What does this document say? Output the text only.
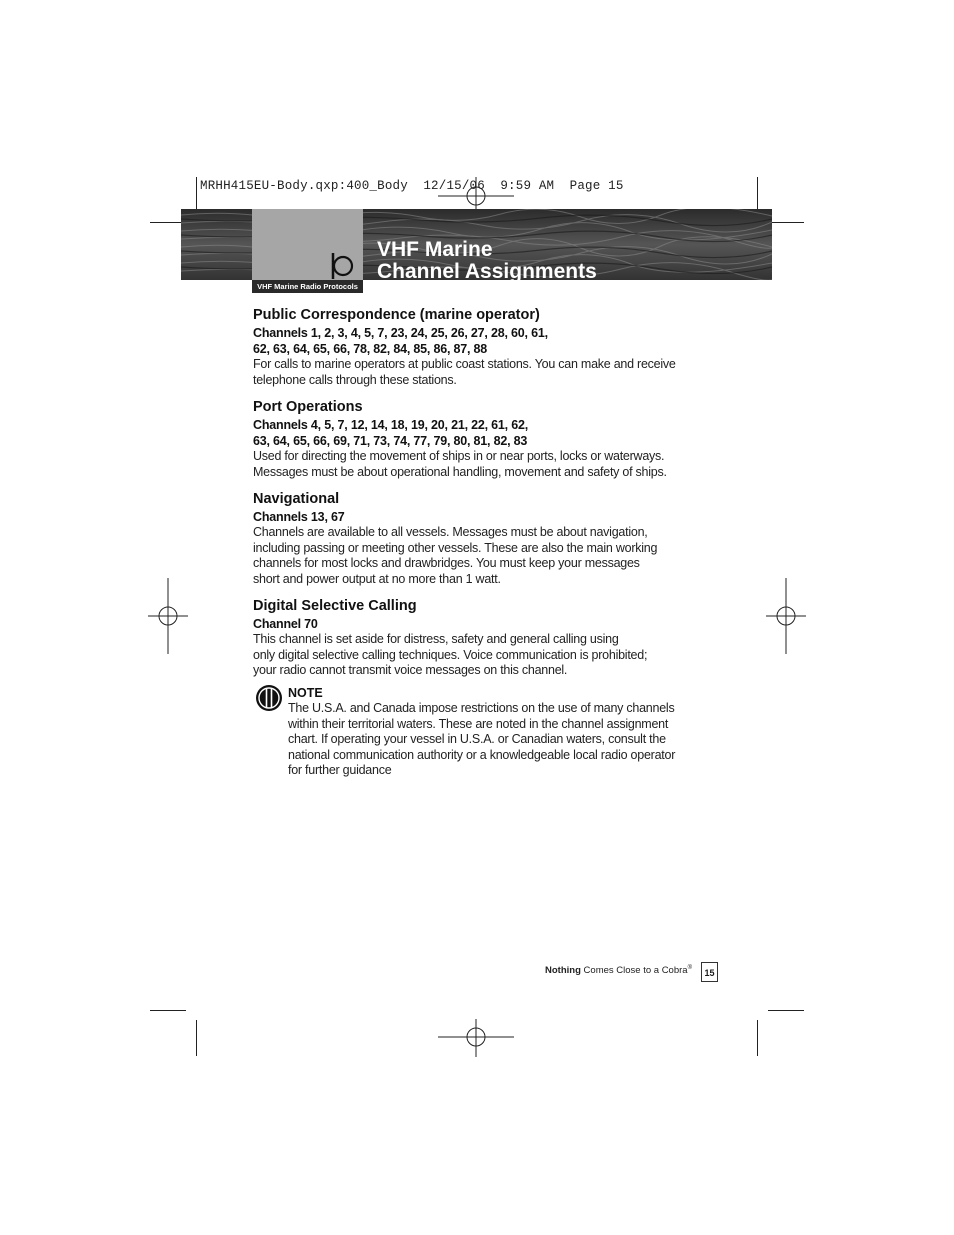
MRHH415EU-Body.qxp:400_Body  12/15/06  9:59 AM  Page 15
VHF Marine Radio Protocols
VHF Marine
Channel Assignments
Public Correspondence (marine operator)
Channels 1, 2, 3, 4, 5, 7, 23, 24, 25, 26, 27, 28, 60, 61,
62, 63, 64, 65, 66, 78, 82, 84, 85, 86, 87, 88
For calls to marine operators at public coast stations. You can make and receive
telephone calls through these stations.
Port Operations
Channels 4, 5, 7, 12, 14, 18, 19, 20, 21, 22, 61, 62,
63, 64, 65, 66, 69, 71, 73, 74, 77, 79, 80, 81, 82, 83
Used for directing the movement of ships in or near ports, locks or waterways.
Messages must be about operational handling, movement and safety of ships.
Navigational
Channels 13, 67
Channels are available to all vessels. Messages must be about navigation,
including passing or meeting other vessels. These are also the main working
channels for most locks and drawbridges. You must keep your messages
short and power output at no more than 1 watt.
Digital Selective Calling
Channel 70
This channel is set aside for distress, safety and general calling using
only digital selective calling techniques. Voice communication is prohibited;
your radio cannot transmit voice messages on this channel.
NOTE
The U.S.A. and Canada impose restrictions on the use of many channels
within their territorial waters. These are noted in the channel assignment
chart. If operating your vessel in U.S.A. or Canadian waters, consult the
national communication authority or a knowledgeable local radio operator
for further guidance
Nothing Comes Close to a Cobra®	15
